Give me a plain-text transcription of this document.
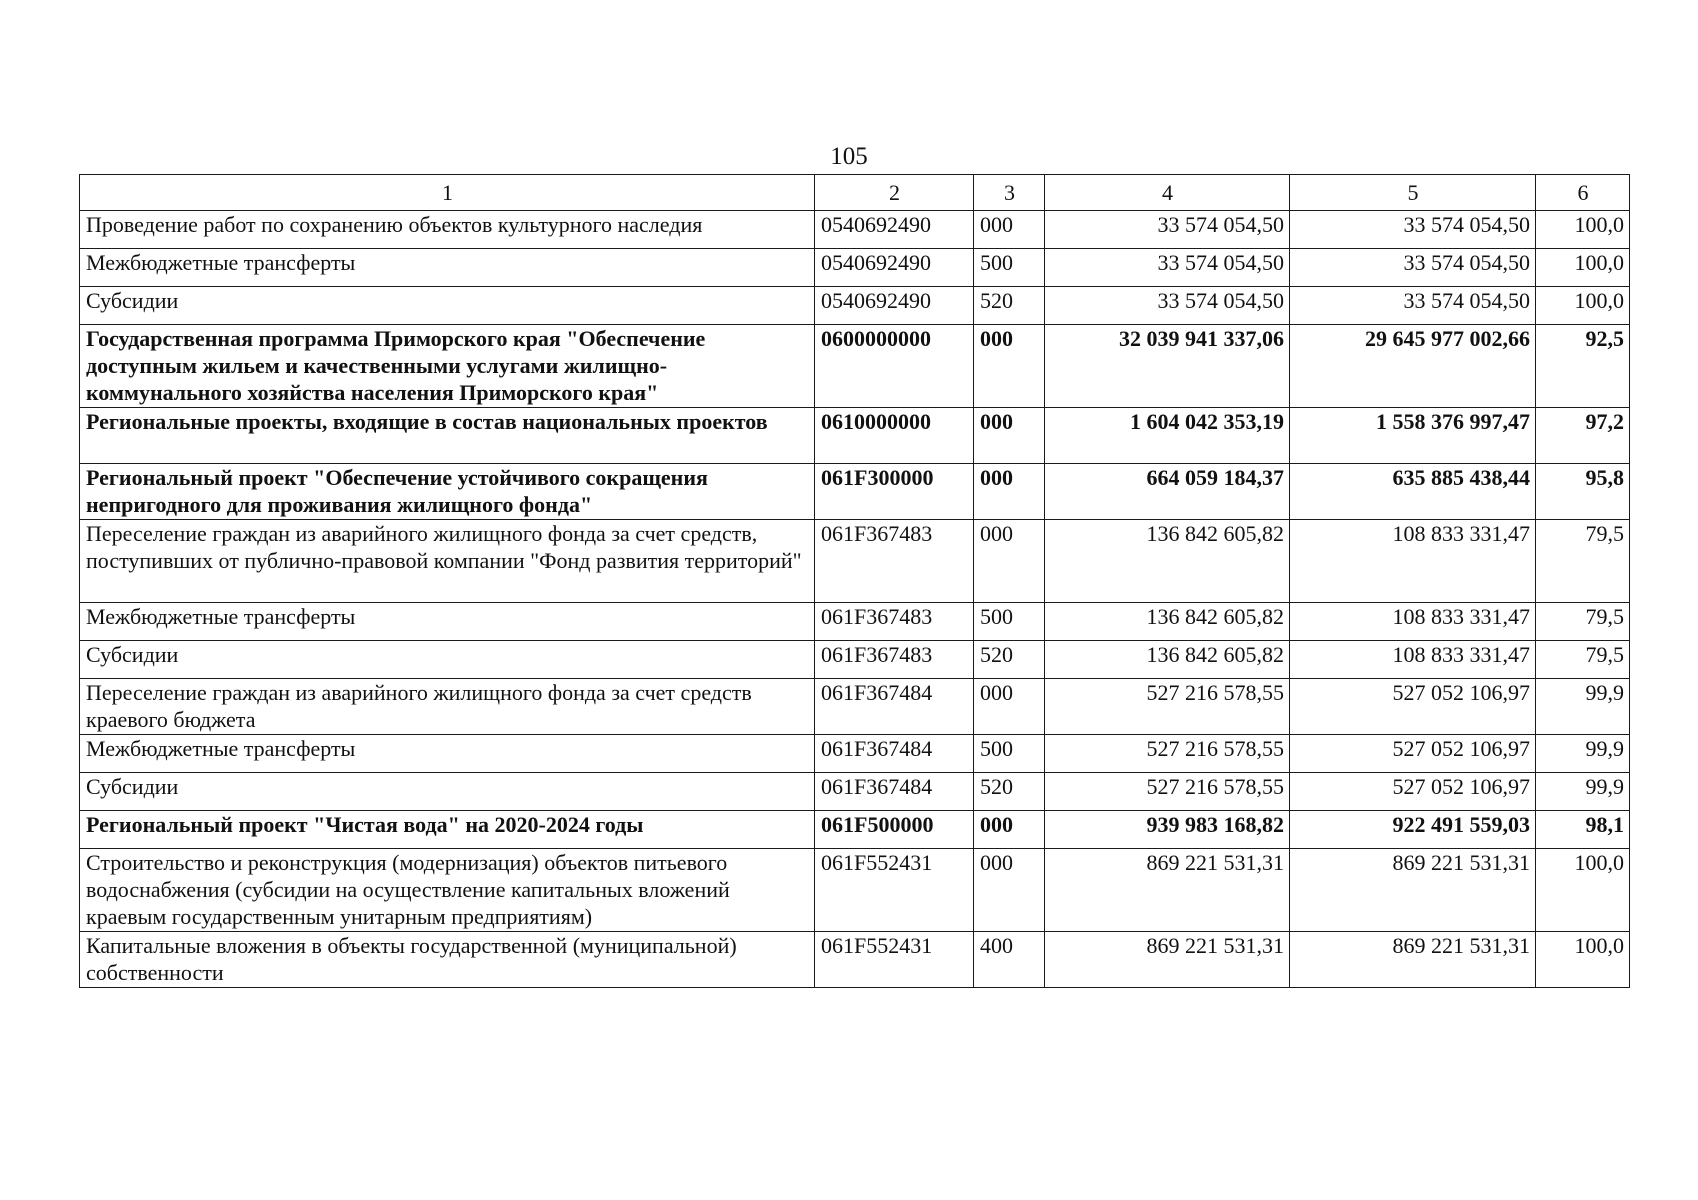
105
1	2	3	4	5	6
Проведение работ по сохранению объектов культурного наследия	0540692490	000	33 574 054,50	33 574 054,50	100,0
Межбюджетные трансферты	0540692490	500	33 574 054,50	33 574 054,50	100,0
Субсидии	0540692490	520	33 574 054,50	33 574 054,50	100,0
Государственная программа Приморского края "Обеспечение доступным жильем и качественными услугами жилищно-коммунального хозяйства населения Приморского края"	0600000000	000	32 039 941 337,06	29 645 977 002,66	92,5
Региональные проекты, входящие в состав национальных проектов	0610000000	000	1 604 042 353,19	1 558 376 997,47	97,2
Региональный проект "Обеспечение устойчивого сокращения непригодного для проживания жилищного фонда"	061F300000	000	664 059 184,37	635 885 438,44	95,8
Переселение граждан из аварийного жилищного фонда за счет средств, поступивших от публично-правовой компании "Фонд развития территорий"	061F367483	000	136 842 605,82	108 833 331,47	79,5
Межбюджетные трансферты	061F367483	500	136 842 605,82	108 833 331,47	79,5
Субсидии	061F367483	520	136 842 605,82	108 833 331,47	79,5
Переселение граждан из аварийного жилищного фонда за счет средств краевого бюджета	061F367484	000	527 216 578,55	527 052 106,97	99,9
Межбюджетные трансферты	061F367484	500	527 216 578,55	527 052 106,97	99,9
Субсидии	061F367484	520	527 216 578,55	527 052 106,97	99,9
Региональный проект "Чистая вода" на 2020-2024 годы	061F500000	000	939 983 168,82	922 491 559,03	98,1
Строительство и реконструкция (модернизация) объектов питьевого водоснабжения (субсидии на осуществление капитальных вложений краевым государственным унитарным предприятиям)	061F552431	000	869 221 531,31	869 221 531,31	100,0
Капитальные вложения в объекты государственной (муниципальной) собственности	061F552431	400	869 221 531,31	869 221 531,31	100,0
